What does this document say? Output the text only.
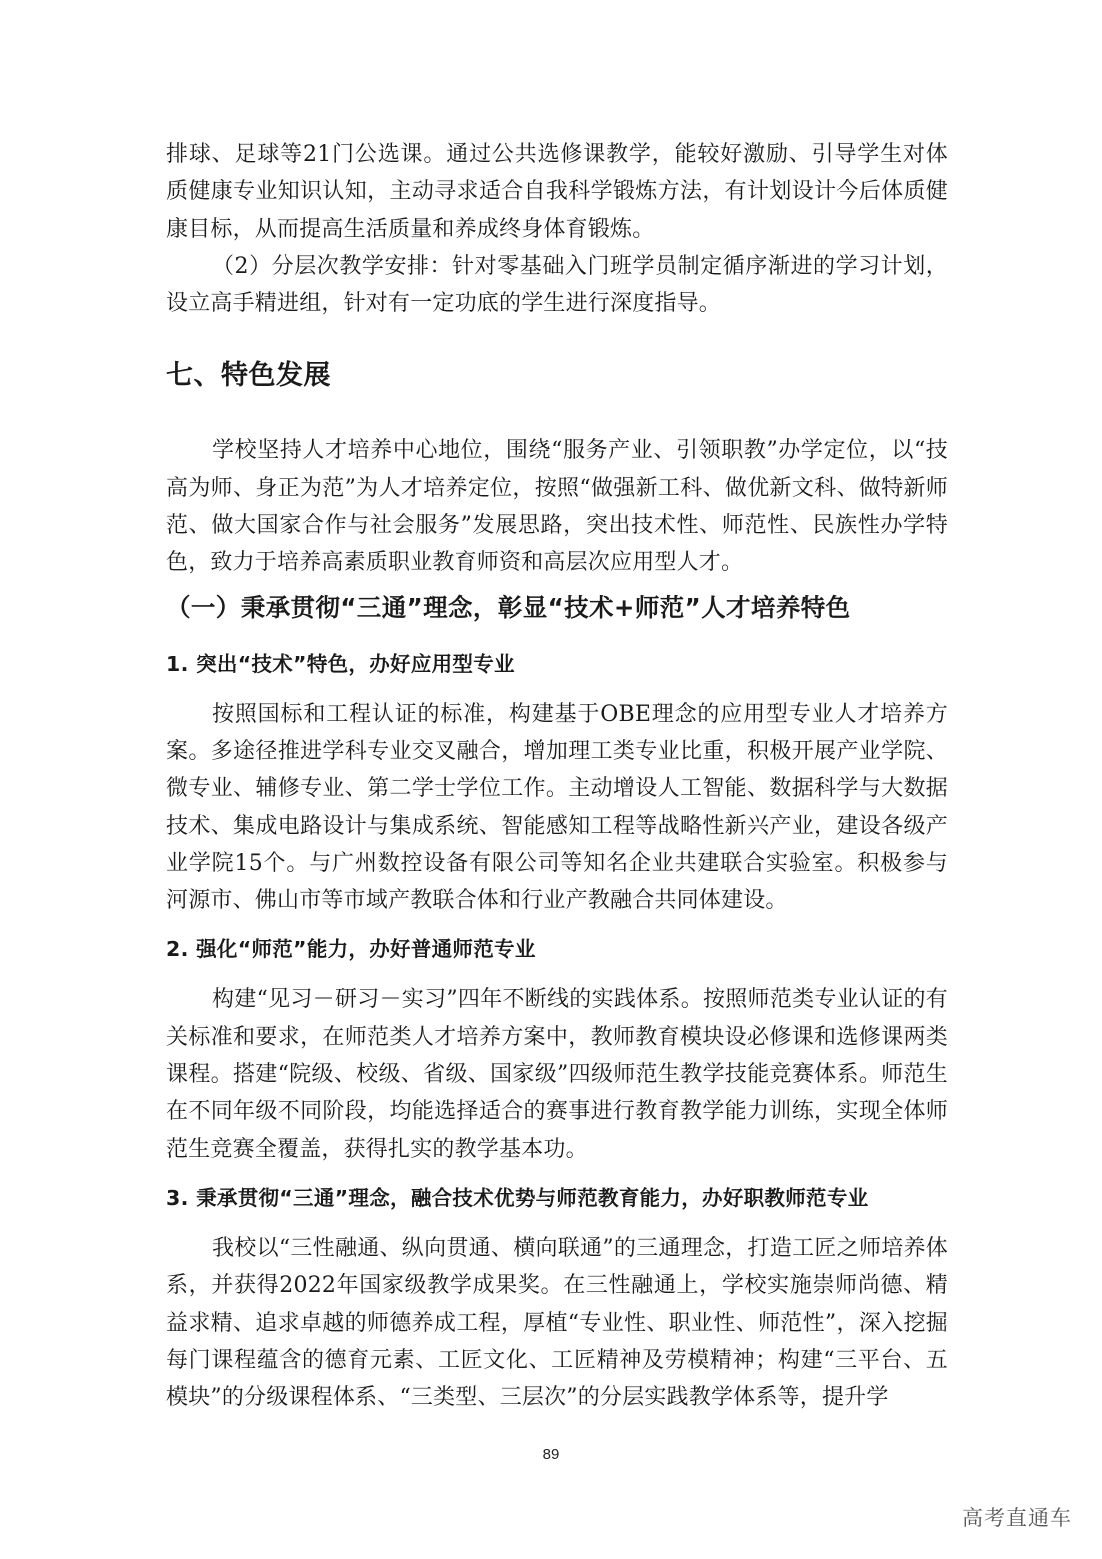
排球、足球等21门公选课。通过公共选修课教学，能较好激励、引导学生对体质健康专业知识认知，主动寻求适合自我科学锻炼方法，有计划设计今后体质健康目标，从而提高生活质量和养成终身体育锻炼。

（2）分层次教学安排：针对零基础入门班学员制定循序渐进的学习计划，设立高手精进组，针对有一定功底的学生进行深度指导。

七、特色发展

学校坚持人才培养中心地位，围绕“服务产业、引领职教”办学定位，以“技高为师、身正为范”为人才培养定位，按照“做强新工科、做优新文科、做特新师范、做大国家合作与社会服务”发展思路，突出技术性、师范性、民族性办学特色，致力于培养高素质职业教育师资和高层次应用型人才。

（一）秉承贯彻“三通”理念，彰显“技术+师范”人才培养特色
1. 突出“技术”特色，办好应用型专业

按照国标和工程认证的标准，构建基于OBE理念的应用型专业人才培养方案。多途径推进学科专业交叉融合，增加理工类专业比重，积极开展产业学院、微专业、辅修专业、第二学士学位工作。主动增设人工智能、数据科学与大数据技术、集成电路设计与集成系统、智能感知工程等战略性新兴产业，建设各级产业学院15个。与广州数控设备有限公司等知名企业共建联合实验室。积极参与河源市、佛山市等市域产教联合体和行业产教融合共同体建设。

2. 强化“师范”能力，办好普通师范专业

构建“见习－研习－实习”四年不断线的实践体系。按照师范类专业认证的有关标准和要求，在师范类人才培养方案中，教师教育模块设必修课和选修课两类课程。搭建“院级、校级、省级、国家级”四级师范生教学技能竞赛体系。师范生在不同年级不同阶段，均能选择适合的赛事进行教育教学能力训练，实现全体师范生竞赛全覆盖，获得扎实的教学基本功。

3. 秉承贯彻“三通”理念，融合技术优势与师范教育能力，办好职教师范专业

我校以“三性融通、纵向贯通、横向联通”的三通理念，打造工匠之师培养体系，并获得2022年国家级教学成果奖。在三性融通上，学校实施崇师尚德、精益求精、追求卓越的师德养成工程，厚植“专业性、职业性、师范性”，深入挖掘每门课程蕴含的德育元素、工匠文化、工匠精神及劳模精神；构建“三平台、五模块”的分级课程体系、“三类型、三层次”的分层实践教学体系等，提升学

89
高考直通车
